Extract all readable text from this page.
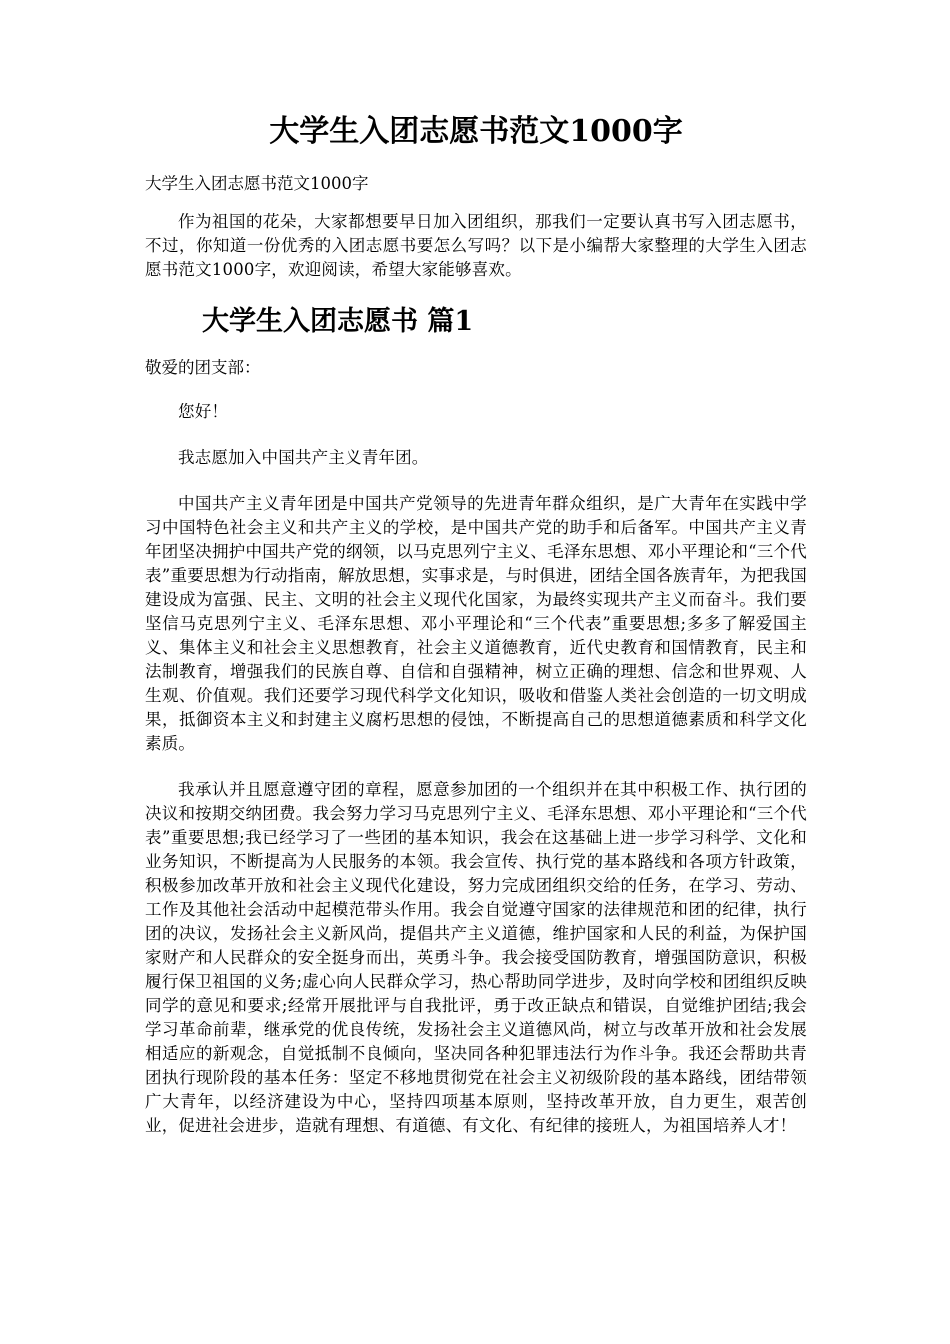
大学生入团志愿书范文1000字
大学生入团志愿书范文1000字

作为祖国的花朵，大家都想要早日加入团组织，那我们一定要认真书写入团志愿书，不过，你知道一份优秀的入团志愿书要怎么写吗？以下是小编帮大家整理的大学生入团志愿书范文1000字，欢迎阅读，希望大家能够喜欢。

大学生入团志愿书 篇1
敬爱的团支部：

您好！

我志愿加入中国共产主义青年团。

中国共产主义青年团是中国共产党领导的先进青年群众组织，是广大青年在实践中学习中国特色社会主义和共产主义的学校，是中国共产党的助手和后备军。中国共产主义青年团坚决拥护中国共产党的纲领，以马克思列宁主义、毛泽东思想、邓小平理论和“三个代表”重要思想为行动指南，解放思想，实事求是，与时俱进，团结全国各族青年，为把我国建设成为富强、民主、文明的社会主义现代化国家，为最终实现共产主义而奋斗。我们要坚信马克思列宁主义、毛泽东思想、邓小平理论和“三个代表”重要思想;多多了解爱国主义、集体主义和社会主义思想教育，社会主义道德教育，近代史教育和国情教育，民主和法制教育，增强我们的民族自尊、自信和自强精神，树立正确的理想、信念和世界观、人生观、价值观。我们还要学习现代科学文化知识，吸收和借鉴人类社会创造的一切文明成果，抵御资本主义和封建主义腐朽思想的侵蚀，不断提高自己的思想道德素质和科学文化素质。

我承认并且愿意遵守团的章程，愿意参加团的一个组织并在其中积极工作、执行团的决议和按期交纳团费。我会努力学习马克思列宁主义、毛泽东思想、邓小平理论和“三个代表”重要思想;我已经学习了一些团的基本知识，我会在这基础上进一步学习科学、文化和业务知识，不断提高为人民服务的本领。我会宣传、执行党的基本路线和各项方针政策，积极参加改革开放和社会主义现代化建设，努力完成团组织交给的任务，在学习、劳动、工作及其他社会活动中起模范带头作用。我会自觉遵守国家的法律规范和团的纪律，执行团的决议，发扬社会主义新风尚，提倡共产主义道德，维护国家和人民的利益，为保护国家财产和人民群众的安全挺身而出，英勇斗争。我会接受国防教育，增强国防意识，积极履行保卫祖国的义务;虚心向人民群众学习，热心帮助同学进步，及时向学校和团组织反映同学的意见和要求;经常开展批评与自我批评，勇于改正缺点和错误，自觉维护团结;我会学习革命前辈，继承党的优良传统，发扬社会主义道德风尚，树立与改革开放和社会发展相适应的新观念，自觉抵制不良倾向，坚决同各种犯罪违法行为作斗争。我还会帮助共青团执行现阶段的基本任务：坚定不移地贯彻党在社会主义初级阶段的基本路线，团结带领广大青年，以经济建设为中心，坚持四项基本原则，坚持改革开放，自力更生，艰苦创业，促进社会进步，造就有理想、有道德、有文化、有纪律的接班人，为祖国培养人才！
